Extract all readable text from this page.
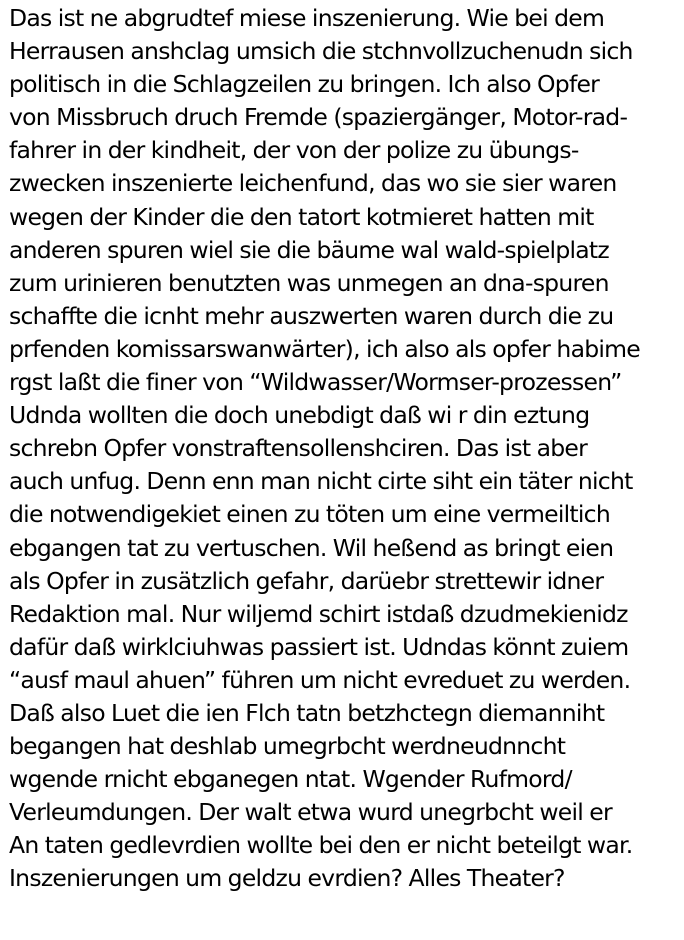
Das ist ne abgrudtef miese inszenierung. Wie bei dem
Herrausen anshclag umsich die stchnvollzuchenudn sich
politisch in die Schlagzeilen zu bringen. Ich also Opfer
von Missbruch druch Fremde (spaziergänger, Motor-rad-
fahrer in der kindheit, der von der polize zu übungs-
zwecken inszenierte leichenfund, das wo sie sier waren
wegen der Kinder die den tatort kotmieret hatten mit
anderen spuren wiel sie die bäume wal wald-spielplatz
zum urinieren benutzten was unmegen an dna-spuren
schaffte die icnht mehr auszwerten waren durch die zu
prfenden komissarswanwärter), ich also als opfer habime
rgst laßt die finer von “Wildwasser/Wormser-prozessen”
Udnda wollten die doch unebdigt daß wi r din eztung
schrebn Opfer vonstraftensollenshciren. Das ist aber
auch unfug. Denn enn man nicht cirte siht ein täter nicht
die notwendigekiet einen zu töten um eine vermeiltich
ebgangen tat zu vertuschen. Wil heßend as bringt eien
als Opfer in zusätzlich gefahr, darüebr strettewir idner
Redaktion mal. Nur wiljemd schirt istdaß dzudmekienidz
dafür daß wirklciuhwas passiert ist. Udndas könnt zuiem
“ausf maul ahuen” führen um nicht evreduet zu werden.
Daß also Luet die ien Flch tatn betzhctegn diemanniht
begangen hat deshlab umegrbcht werdneudnncht
wgende rnicht ebganegen ntat. Wgender Rufmord/
Verleumdungen. Der walt etwa wurd unegrbcht weil er
An taten gedlevrdien wollte bei den er nicht beteilgt war.
Inszenierungen um geldzu evrdien? Alles Theater?
